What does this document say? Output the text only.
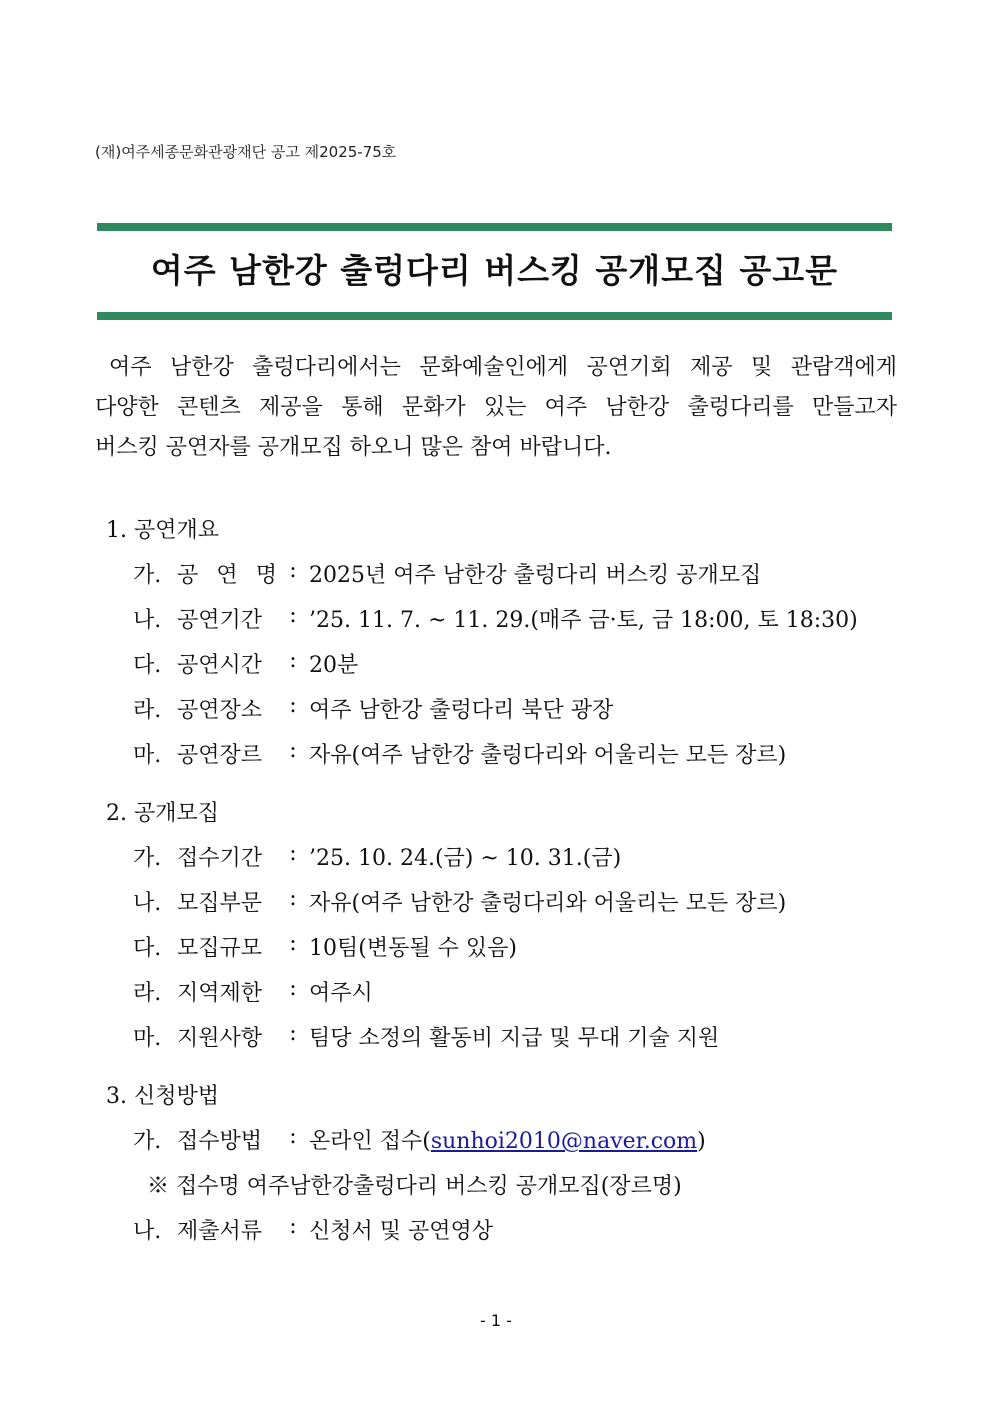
(재)여주세종문화관광재단 공고 제2025-75호
여주 남한강 출렁다리 버스킹 공개모집 공고문
여주 남한강 출렁다리에서는 문화예술인에게 공연기회 제공 및 관람객에게
다양한 콘텐츠 제공을 통해 문화가 있는 여주 남한강 출렁다리를 만들고자
버스킹 공연자를 공개모집 하오니 많은 참여 바랍니다.
1. 공연개요
가. 공 연 명 : 2025년 여주 남한강 출렁다리 버스킹 공개모집
나. 공연기간	: ’25. 11. 7. ~ 11. 29.(매주 금·토, 금 18:00, 토 18:30)
다. 공연시간	: 20분
라. 공연장소	: 여주 남한강 출렁다리 북단 광장
마. 공연장르	: 자유(여주 남한강 출렁다리와 어울리는 모든 장르)
2. 공개모집
가. 접수기간	: ’25. 10. 24.(금) ~ 10. 31.(금)
나. 모집부문	: 자유(여주 남한강 출렁다리와 어울리는 모든 장르)
다. 모집규모	: 10팀(변동될 수 있음)
라. 지역제한	: 여주시
마. 지원사항	: 팀당 소정의 활동비 지급 및 무대 기술 지원
3. 신청방법
가. 접수방법	: 온라인 접수(sunhoi2010@naver.com)
※ 접수명 여주남한강출렁다리 버스킹 공개모집(장르명)
나. 제출서류	: 신청서 및 공연영상
- 1 -
